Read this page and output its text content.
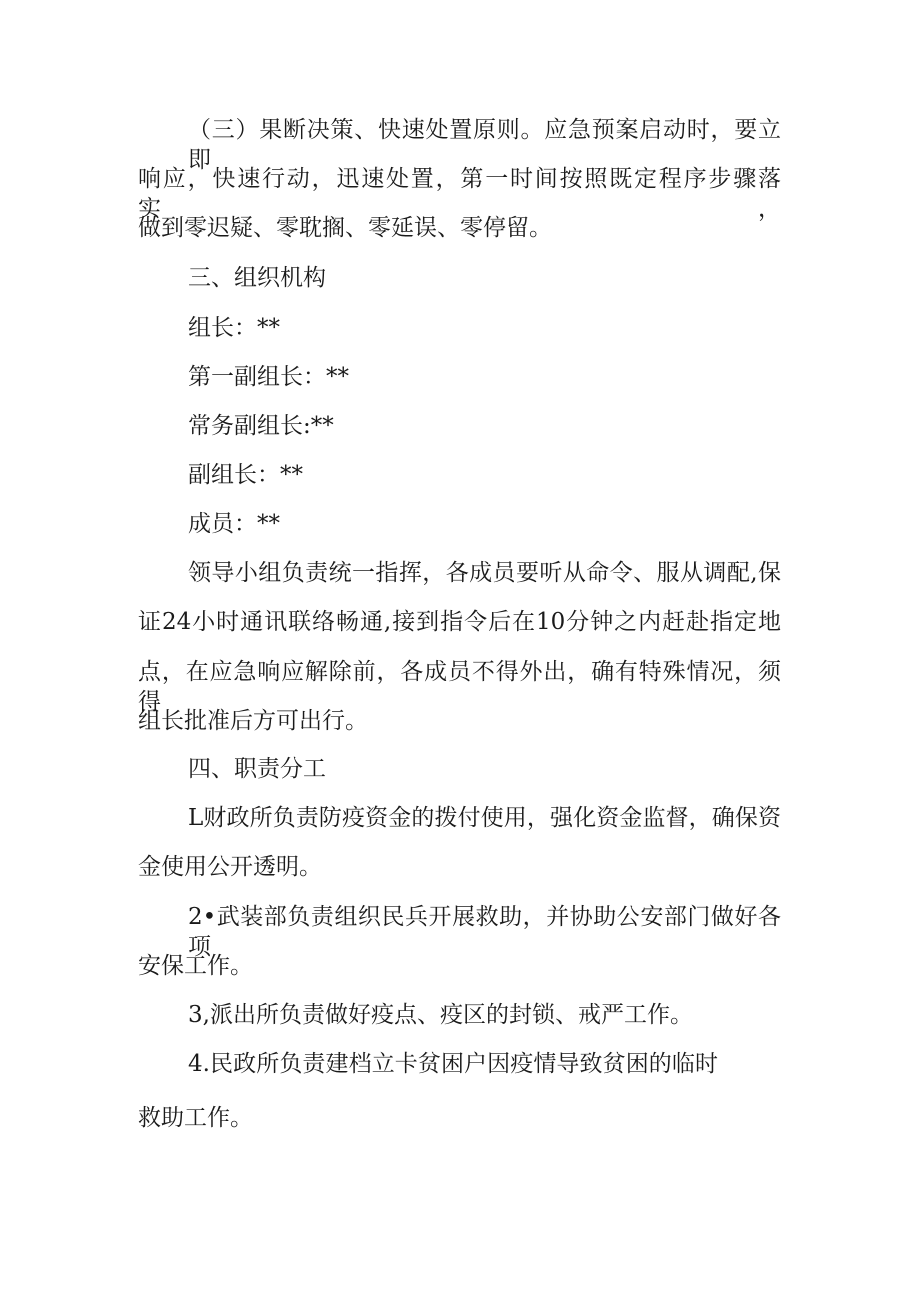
（三）果断决策、快速处置原则。应急预案启动时，要立即
响应，快速行动，迅速处置，第一时间按照既定程序步骤落实，
做到零迟疑、零耽搁、零延误、零停留。
三、组织机构
组长：**
第一副组长：**
常务副组长:**
副组长：**
成员：**
领导小组负责统一指挥，各成员要听从命令、服从调配,保
证24小时通讯联络畅通,接到指令后在10分钟之内赶赴指定地
点，在应急响应解除前，各成员不得外出，确有特殊情况，须得
组长批准后方可出行。
四、职责分工
L财政所负责防疫资金的拨付使用，强化资金监督，确保资
金使用公开透明。
2•武装部负责组织民兵开展救助，并协助公安部门做好各项
安保工作。
3,派出所负责做好疫点、疫区的封锁、戒严工作。
4.民政所负责建档立卡贫困户因疫情导致贫困的临时
救助工作。
